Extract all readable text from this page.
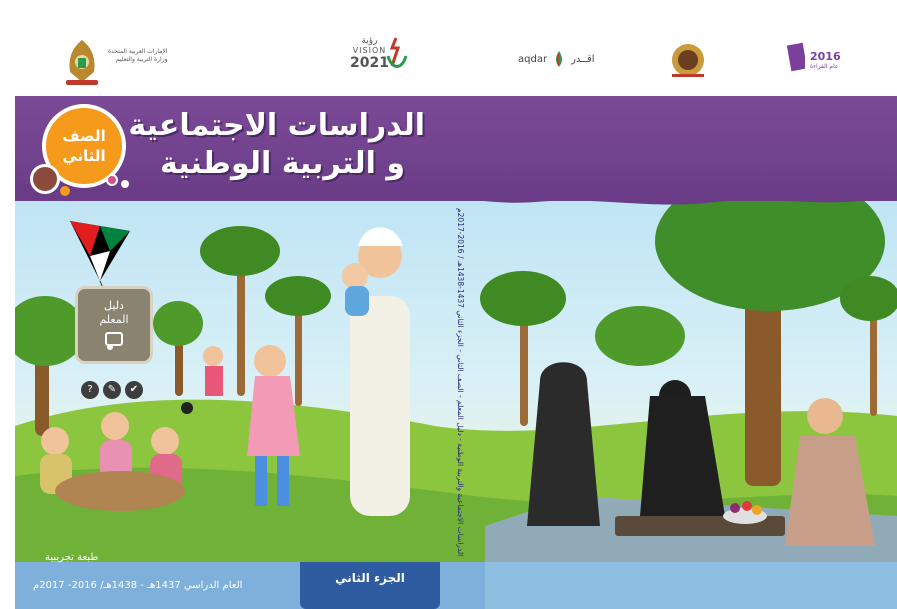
2016
عام القراءة
aqdar اقــدر
رؤية
VISION
2021
الإمارات العربية المتحدة
وزارة التربية والتعليم
الدراسات الاجتماعية
و التربية الوطنية
الصف
الثاني
دليل
المعلم
?	✎	✔
الدراسات الاجتماعية والتربية الوطنية - دليل المعلم - الصف الثاني - الجزء الثاني 1437-1438هـ / 2016-2017م
طبعة تجريبية
العام الدراسي 1437هـ - 1438هـ/ 2016- 2017م
الجزء الثاني
